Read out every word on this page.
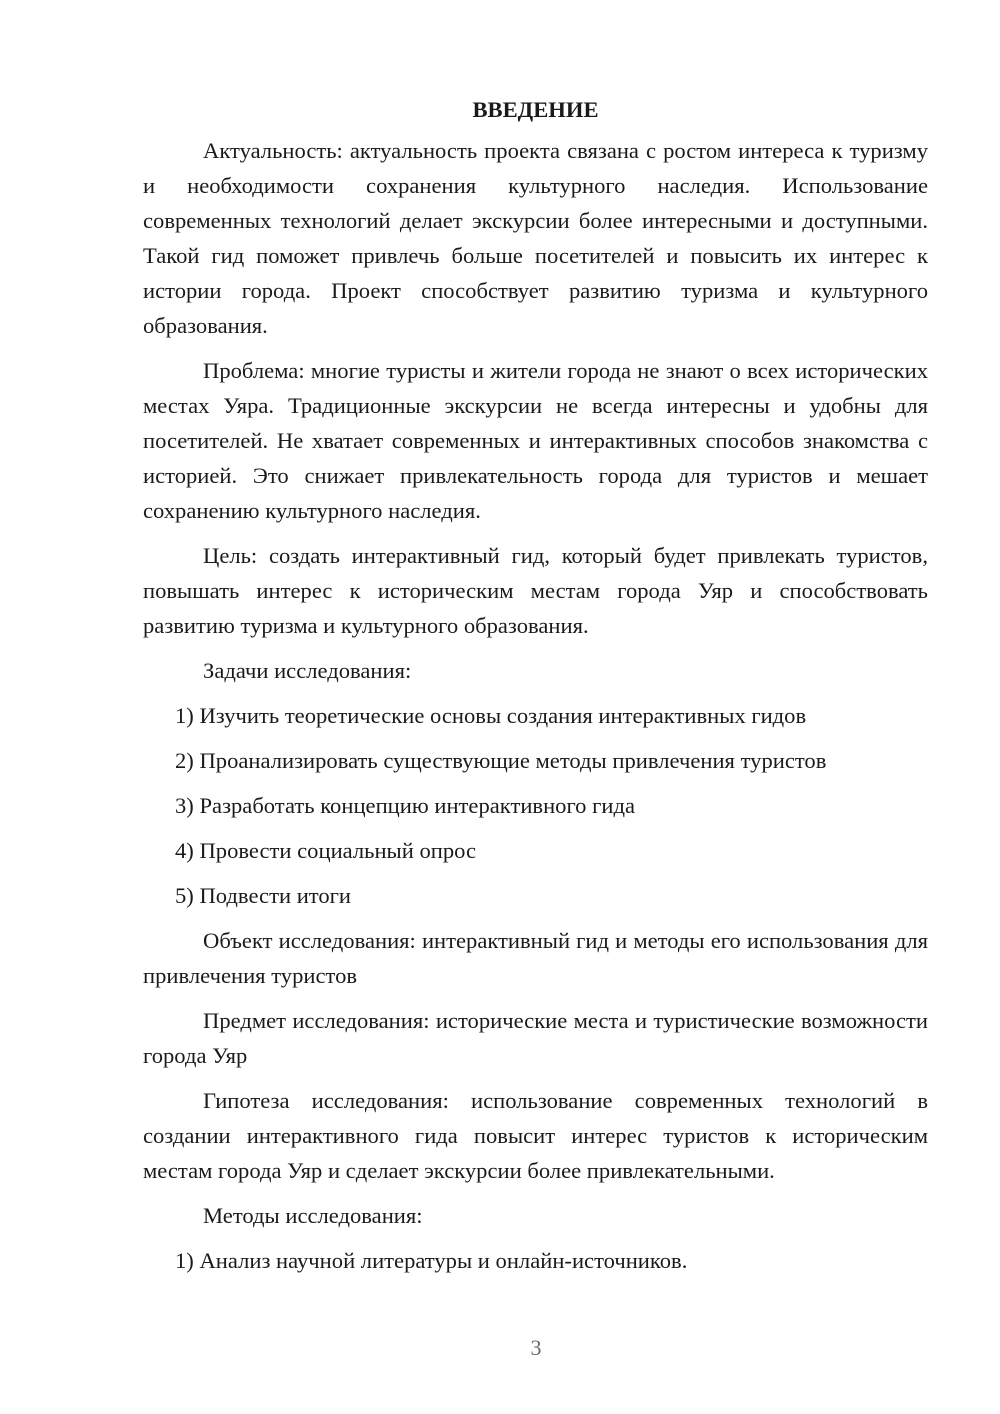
ВВЕДЕНИЕ

Актуальность: актуальность проекта связана с ростом интереса к туризму и необходимости сохранения культурного наследия. Использование современных технологий делает экскурсии более интересными и доступными. Такой гид поможет привлечь больше посетителей и повысить их интерес к истории города. Проект способствует развитию туризма и культурного образования.

Проблема: многие туристы и жители города не знают о всех исторических местах Уяра. Традиционные экскурсии не всегда интересны и удобны для посетителей. Не хватает современных и интерактивных способов знакомства с историей. Это снижает привлекательность города для туристов и мешает сохранению культурного наследия.

Цель: создать интерактивный гид, который будет привлекать туристов, повышать интерес к историческим местам города Уяр и способствовать развитию туризма и культурного образования.

Задачи исследования:

1) Изучить теоретические основы создания интерактивных гидов
2) Проанализировать существующие методы привлечения туристов
3) Разработать концепцию интерактивного гида
4) Провести социальный опрос
5) Подвести итоги

Объект исследования: интерактивный гид и методы его использования для привлечения туристов

Предмет исследования: исторические места и туристические возможности города Уяр

Гипотеза исследования: использование современных технологий в создании интерактивного гида повысит интерес туристов к историческим местам города Уяр и сделает экскурсии более привлекательными.

Методы исследования:

1) Анализ научной литературы и онлайн-источников.
3
